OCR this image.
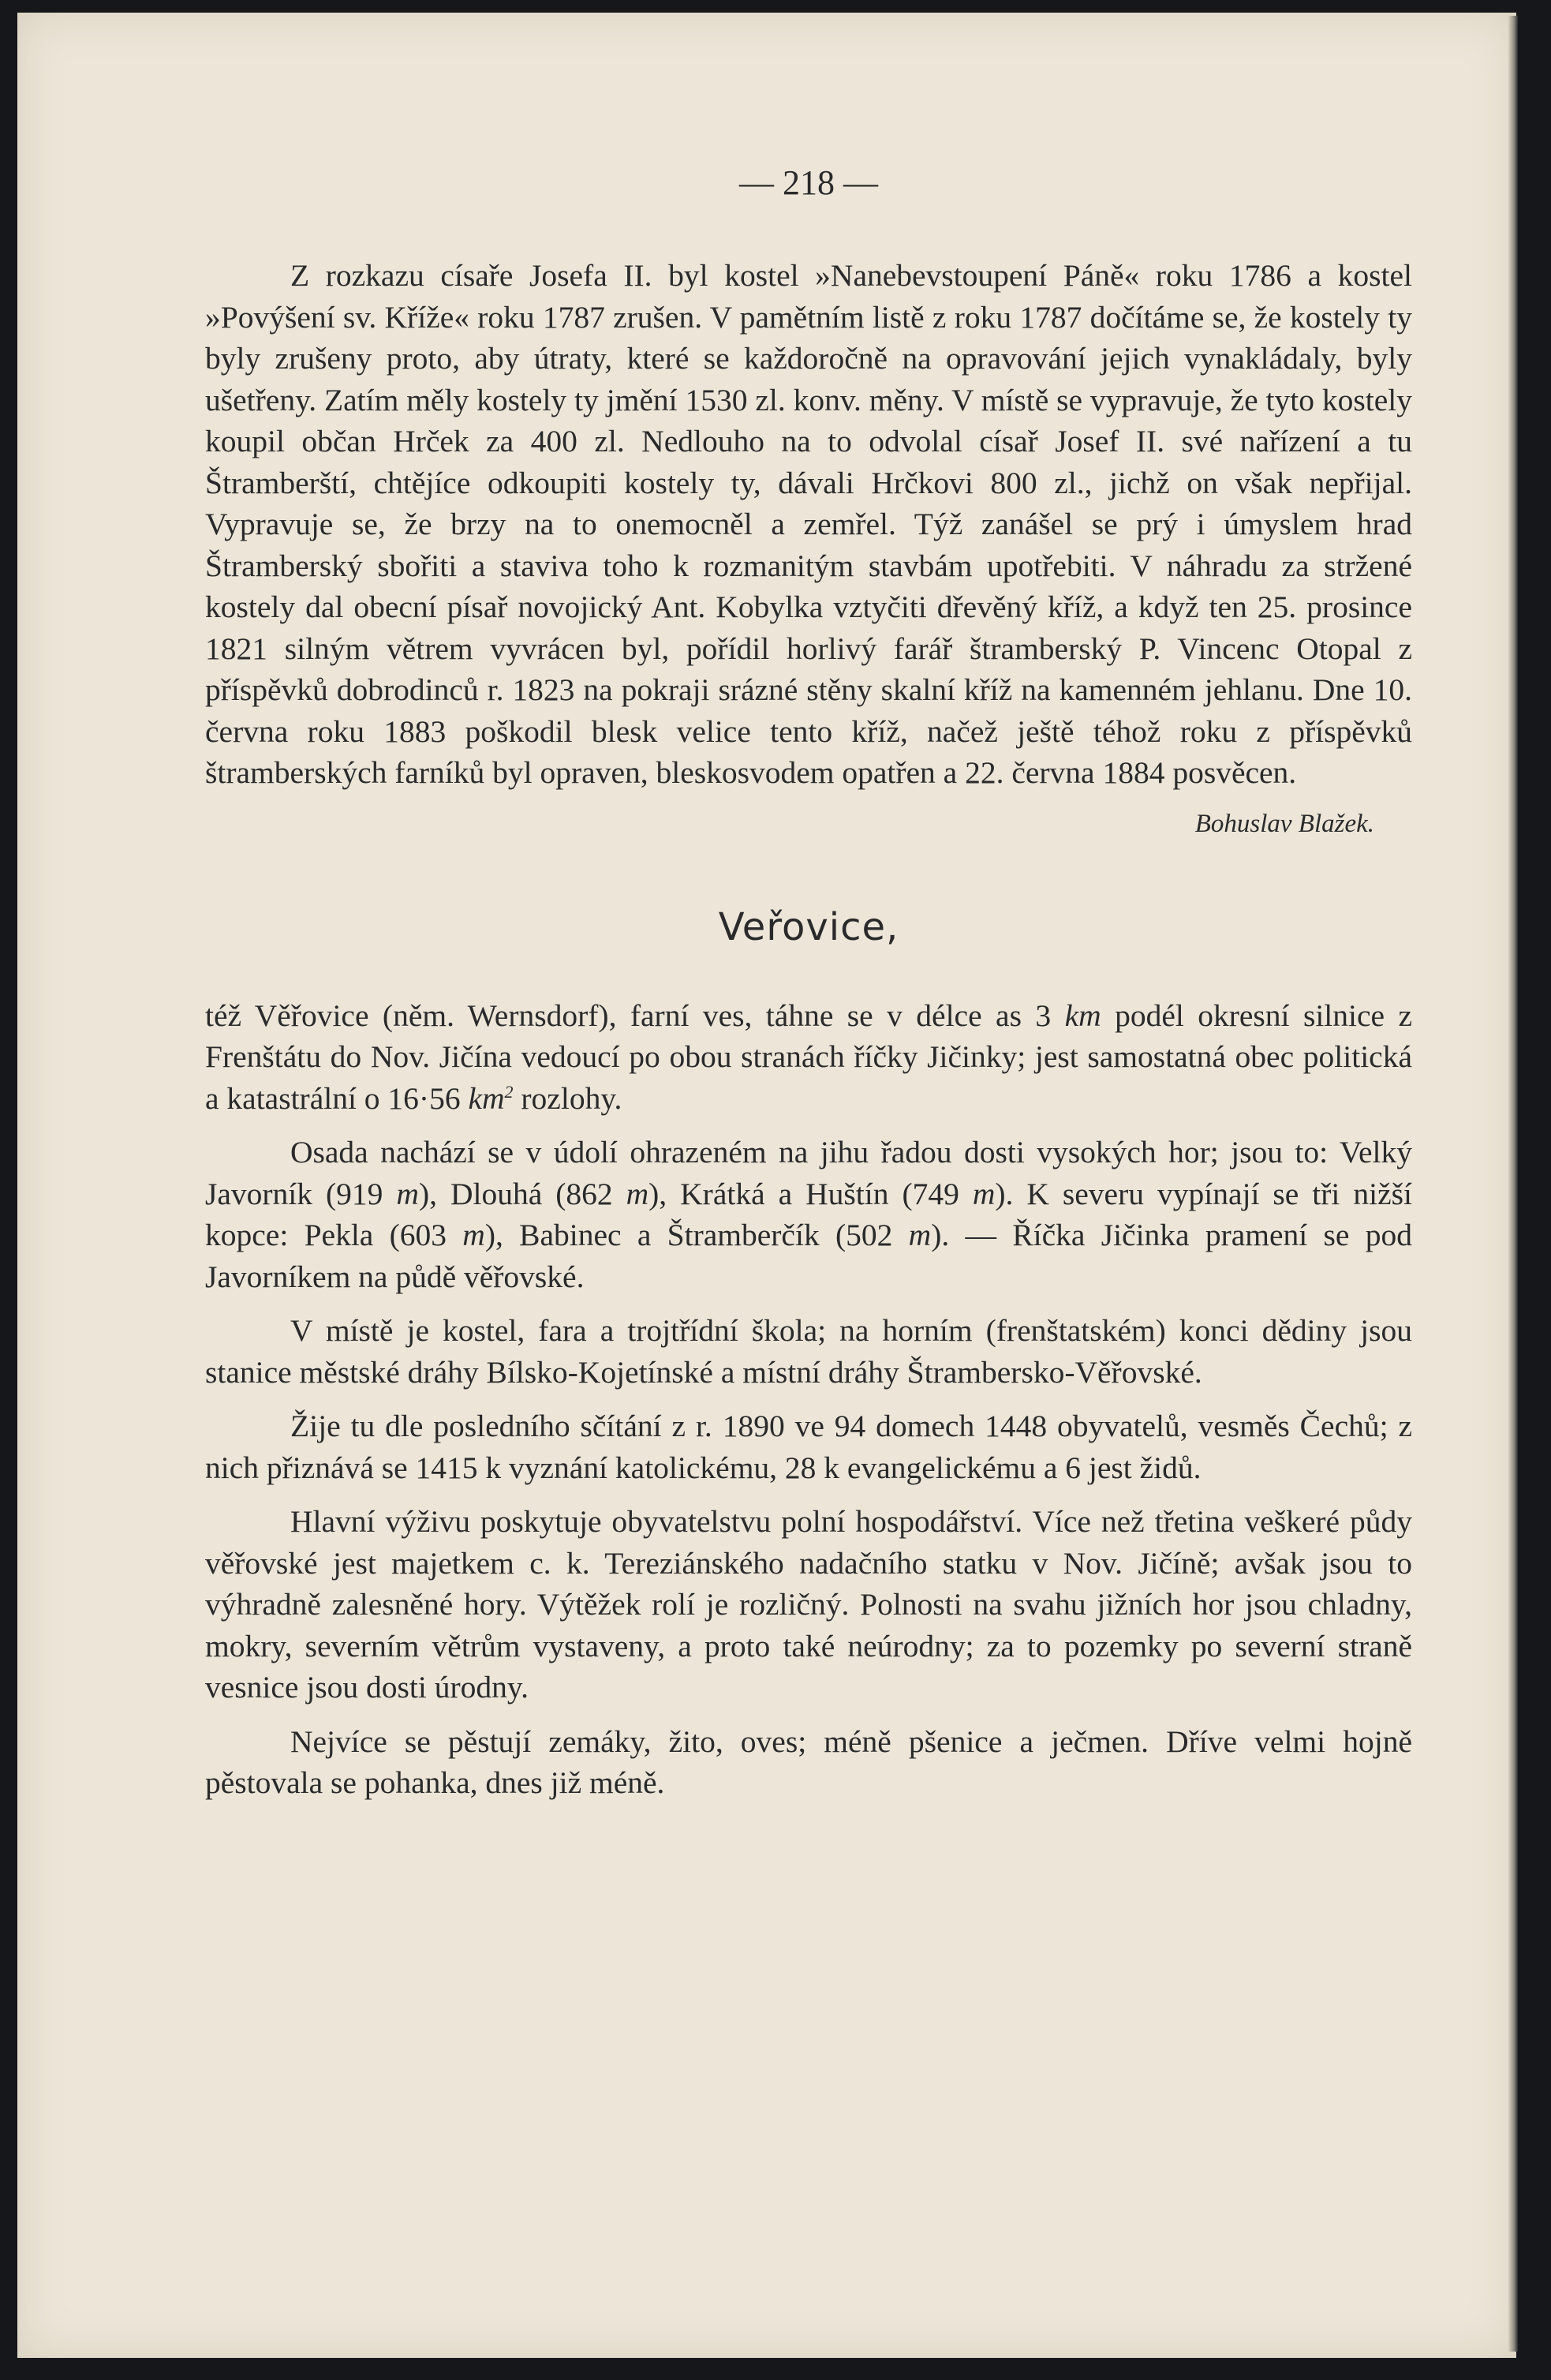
— 218 —

Z rozkazu císaře Josefa II. byl kostel »Nanebevstoupení Páně« roku 1786 a kostel »Povýšení sv. Kříže« roku 1787 zrušen. V pamětním listě z roku 1787 dočítáme se, že kostely ty byly zrušeny proto, aby útraty, které se každoročně na opravování jejich vynakládaly, byly ušetřeny. Zatím měly kostely ty jmění 1530 zl. konv. měny. V místě se vypravuje, že tyto kostely koupil občan Hrček za 400 zl. Nedlouho na to odvolal císař Josef II. své nařízení a tu Štramberští, chtějíce odkoupiti kostely ty, dávali Hrčkovi 800 zl., jichž on však nepřijal. Vypravuje se, že brzy na to onemocněl a zemřel. Týž zanášel se prý i úmyslem hrad Štramberský sbořiti a staviva toho k rozmanitým stavbám upotřebiti. V náhradu za stržené kostely dal obecní písař novojický Ant. Kobylka vztyčiti dřevěný kříž, a když ten 25. prosince 1821 silným větrem vyvrácen byl, pořídil horlivý farář štramberský P. Vincenc Otopal z příspěvků dobrodinců r. 1823 na pokraji srázné stěny skalní kříž na kamenném jehlanu. Dne 10. června roku 1883 poškodil blesk velice tento kříž, načež ještě téhož roku z příspěvků štramberských farníků byl opraven, bleskosvodem opatřen a 22. června 1884 posvěcen.

Bohuslav Blažek.
Veřovice,

též Věřovice (něm. Wernsdorf), farní ves, táhne se v délce as 3 km podél okresní silnice z Frenštátu do Nov. Jičína vedoucí po obou stranách říčky Jičinky; jest samostatná obec politická a katastrální o 16·56 $km^2$ rozlohy.

Osada nachází se v údolí ohrazeném na jihu řadou dosti vysokých hor; jsou to: Velký Javorník (919 m), Dlouhá (862 m), Krátká a Huštín (749 m). K severu vypínají se tři nižší kopce: Pekla (603 m), Babinec a Štramberčík (502 m). — Říčka Jičinka pramení se pod Javorníkem na půdě věřovské.

V místě je kostel, fara a trojtřídní škola; na horním (frenštatském) konci dědiny jsou stanice městské dráhy Bílsko-Kojetínské a místní dráhy Štrambersko-Věřovské.

Žije tu dle posledního sčítání z r. 1890 ve 94 domech 1448 obyvatelů, vesměs Čechů; z nich přiznává se 1415 k vyznání katolickému, 28 k evangelickému a 6 jest židů.

Hlavní výživu poskytuje obyvatelstvu polní hospodářství. Více než třetina veškeré půdy věřovské jest majetkem c. k. Tereziánského nadačního statku v Nov. Jičíně; avšak jsou to výhradně zalesněné hory. Výtěžek rolí je rozličný. Polnosti na svahu jižních hor jsou chladny, mokry, severním větrům vystaveny, a proto také neúrodny; za to pozemky po severní straně vesnice jsou dosti úrodny.

Nejvíce se pěstují zemáky, žito, oves; méně pšenice a ječmen. Dříve velmi hojně pěstovala se pohanka, dnes již méně.
